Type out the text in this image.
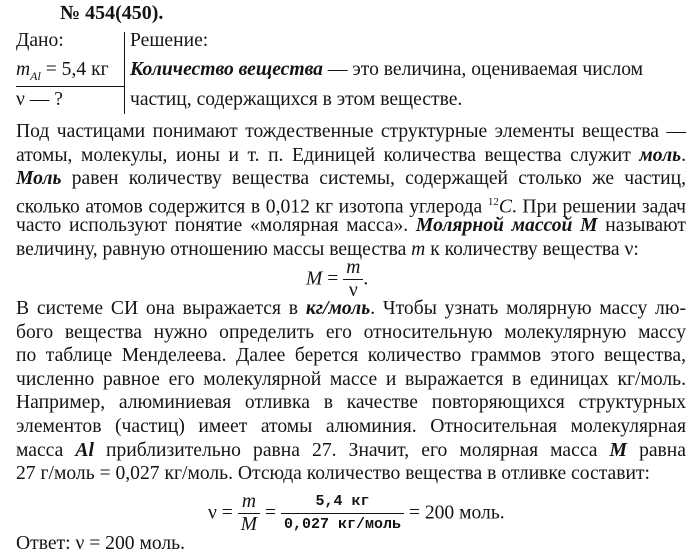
№ 454(450).
Дано:
$m_{Al} = 5,4$ кг
ν — ?
Решение:
Количество вещества — это величина, оцениваемая числом
частиц, содержащихся в этом веществе.
Под частицами понимают тождественные структурные элементы вещества —
атомы, молекулы, ионы и т. п. Единицей количества вещества служит моль.
Моль равен количеству вещества системы, содержащей столько же частиц,
сколько атомов содержится в 0,012 кг изотопа углерода $^{12}$C. При решении задач
часто используют понятие «молярная масса». Молярной массой M называют
величину, равную отношению массы вещества m к количеству вещества ν:
$M = \frac{m}{\nu}$ .
В системе СИ она выражается в кг/моль. Чтобы узнать молярную массу лю-
бого вещества нужно определить его относительную молекулярную массу
по таблице Менделеева. Далее берется количество граммов этого вещества,
численно равное его молекулярной массе и выражается в единицах кг/моль.
Например, алюминиевая отливка в качестве повторяющихся структурных
элементов (частиц) имеет атомы алюминия. Относительная молекулярная
масса Al приблизительно равна 27. Значит, его молярная масса M равна
27 г/моль = 0,027 кг/моль. Отсюда количество вещества в отливке составит:
$\nu = \frac{m}{M} = \frac{5,4 кг}{\text{0,027 кг/моль}} = 200$ моль.
Ответ: ν = 200 моль.
